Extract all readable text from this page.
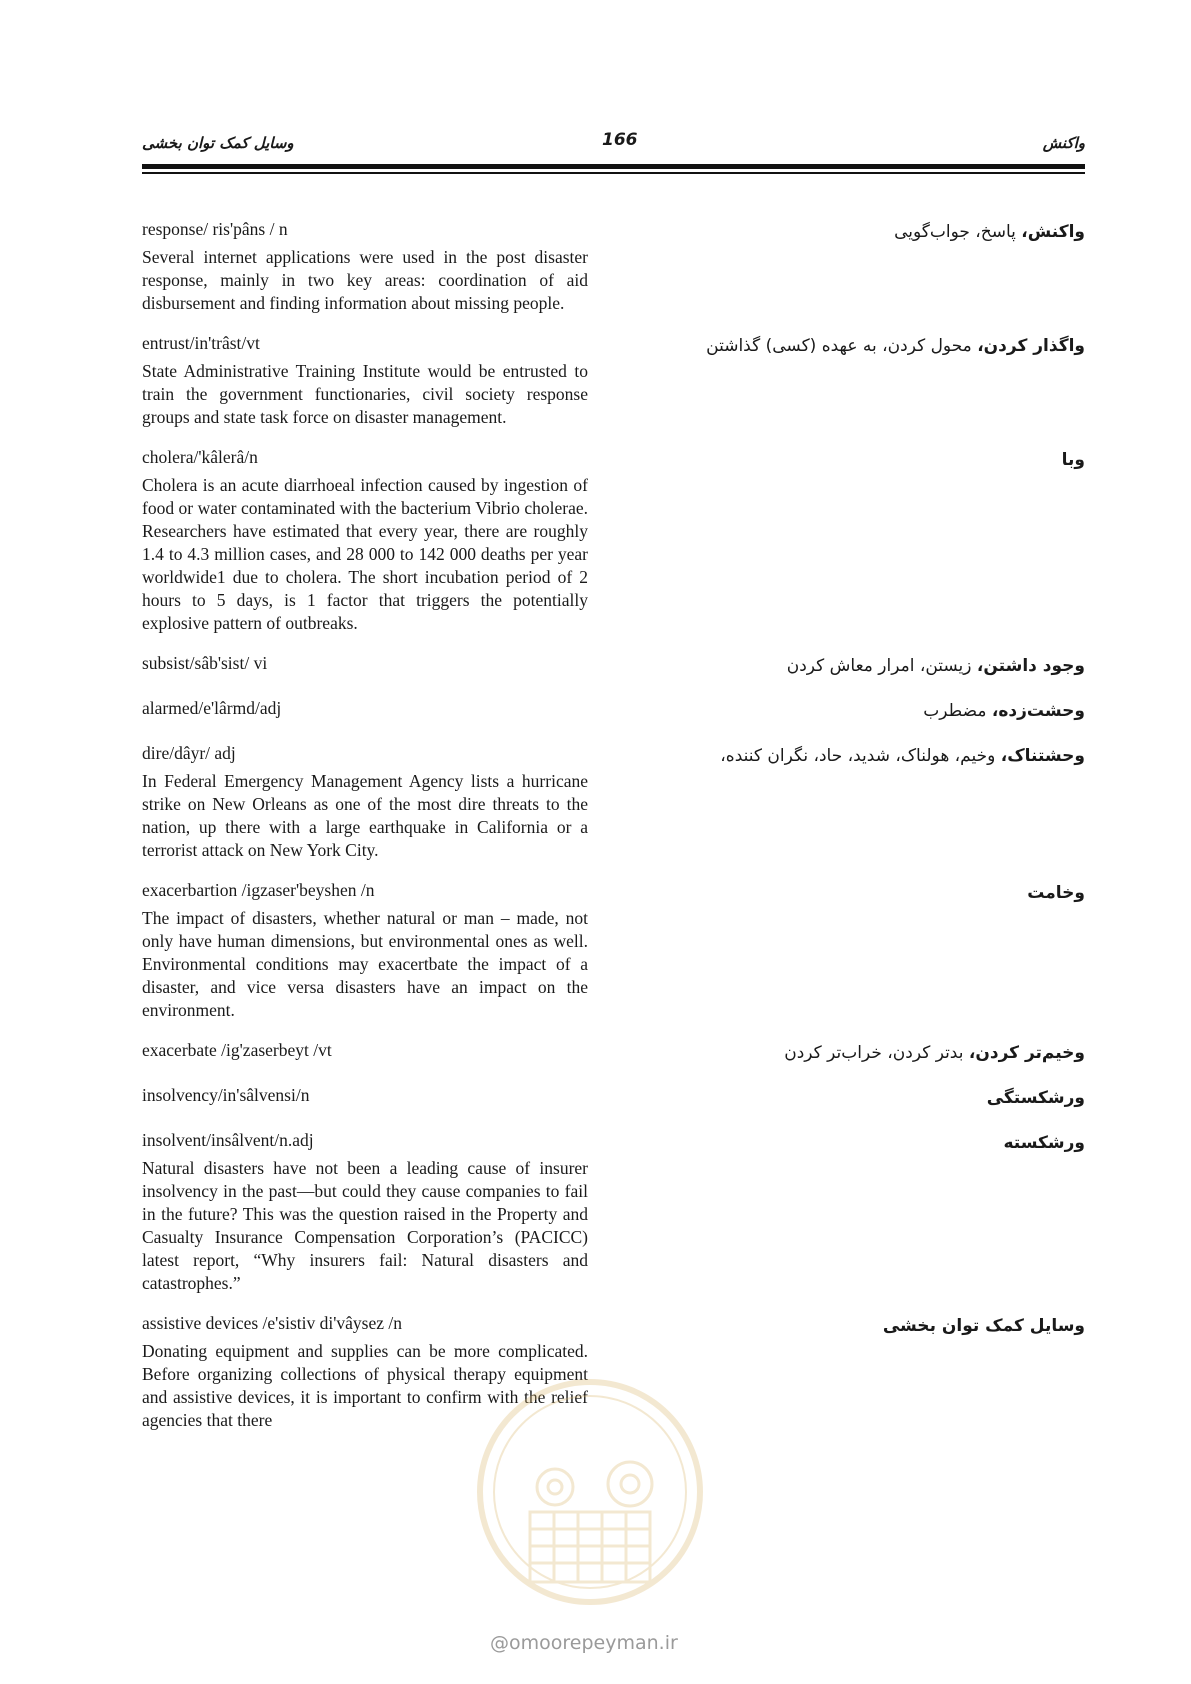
وسایل کمک توان بخشی	166	واکنش
response/ ris'pâns / n
Several internet applications were used in the post disaster response, mainly in two key areas: coordination of aid disbursement and finding information about missing people.
واکنش، پاسخ، جواب‌گویی
entrust/in'trâst/vt
State Administrative Training Institute would be entrusted to train the government functionaries, civil society response groups and state task force on disaster management.
واگذار کردن، محول کردن، به عهده (کسی) گذاشتن
cholera/'kâlerâ/n
Cholera is an acute diarrhoeal infection caused by ingestion of food or water contaminated with the bacterium Vibrio cholerae. Researchers have estimated that every year, there are roughly 1.4 to 4.3 million cases, and 28 000 to 142 000 deaths per year worldwide1 due to cholera. The short incubation period of 2 hours to 5 days, is 1 factor that triggers the potentially explosive pattern of outbreaks.
وبا
subsist/sâb'sist/ vi	وجود داشتن، زیستن، امرار معاش کردن
alarmed/e'lârmd/adj	وحشت‌زده، مضطرب
dire/dâyr/ adj
In Federal Emergency Management Agency lists a hurricane strike on New Orleans as one of the most dire threats to the nation, up there with a large earthquake in California or a terrorist attack on New York City.
وحشتناک، وخیم، هولناک، شدید، حاد، نگران کننده،
exacerbartion /igzaser'beyshen /n
The impact of disasters, whether natural or man – made, not only have human dimensions, but environmental ones as well. Environmental conditions may exacertbate the impact of a disaster, and vice versa disasters have an impact on the environment.
وخامت
exacerbate /ig'zaserbeyt /vt	وخیم‌تر کردن، بدتر کردن، خراب‌تر کردن
insolvency/in'sâlvensi/n	ورشکستگی
insolvent/insâlvent/n.adj
Natural disasters have not been a leading cause of insurer insolvency in the past—but could they cause companies to fail in the future? This was the question raised in the Property and Casualty Insurance Compensation Corporation’s (PACICC) latest report, “Why insurers fail: Natural disasters and catastrophes.”
ورشکسته
assistive devices /e'sistiv di'vâysez /n
Donating equipment and supplies can be more complicated. Before organizing collections of physical therapy equipment and assistive devices, it is important to confirm with the relief agencies that there
وسایل کمک توان بخشی
@omoorepeyman.ir
